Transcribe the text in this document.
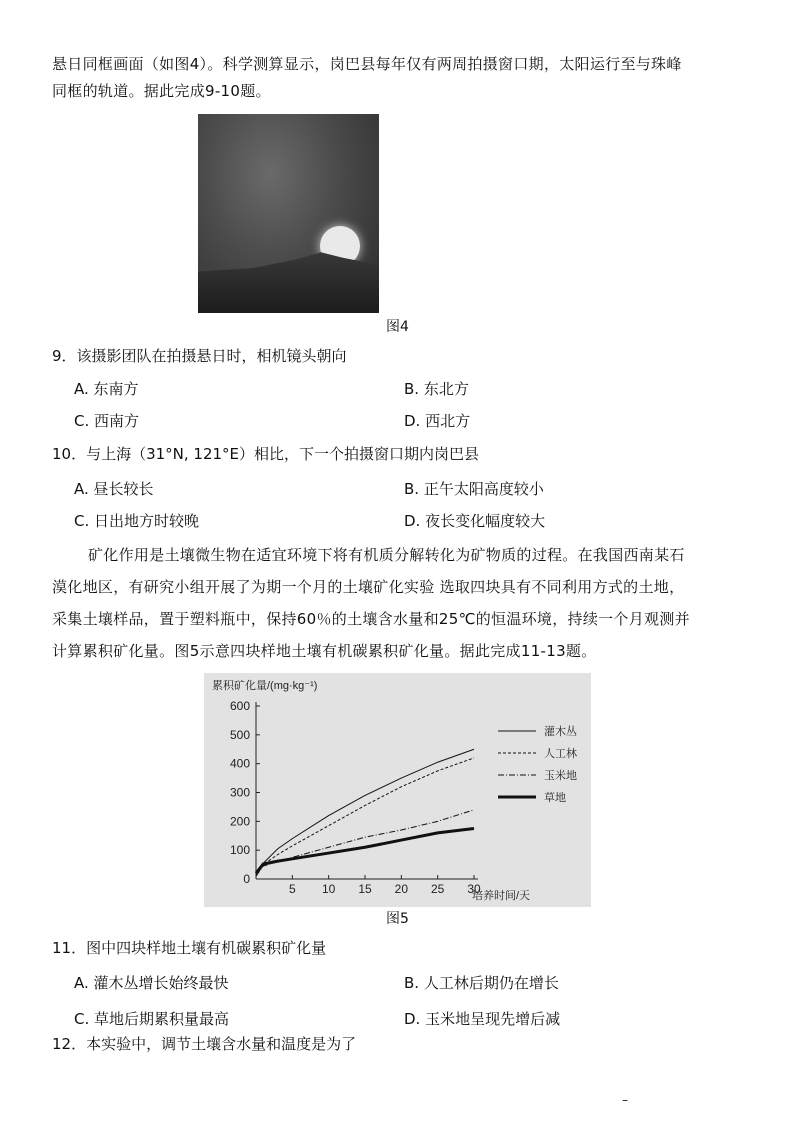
悬日同框画面（如图4）。科学测算显示，岗巴县每年仅有两周拍摄窗口期，太阳运行至与珠峰
同框的轨道。据此完成9-10题。
图4
9．该摄影团队在拍摄悬日时，相机镜头朝向
A. 东南方	B. 东北方
C. 西南方	D. 西北方
10．与上海（31°N, 121°E）相比，下一个拍摄窗口期内岗巴县
A. 昼长较长	B. 正午太阳高度较小
C. 日出地方时较晚	D. 夜长变化幅度较大
矿化作用是土壤微生物在适宜环境下将有机质分解转化为矿物质的过程。在我国西南某石
漠化地区，有研究小组开展了为期一个月的土壤矿化实验 选取四块具有不同利用方式的土地，
采集土壤样品，置于塑料瓶中，保持60％的土壤含水量和25℃的恒温环境，持续一个月观测并
计算累积矿化量。图5示意四块样地土壤有机碳累积矿化量。据此完成11-13题。
累积矿化量/(mg·kg⁻¹)
培养时间/天
0
100
200
300
400
500
600
5 10 15 20 25 30
灌木丛
人工林
玉米地
草地
图5
11．图中四块样地土壤有机碳累积矿化量
A. 灌木丛增长始终最快	B. 人工林后期仍在增长
C. 草地后期累积量最高	D. 玉米地呈现先增后减
12．本实验中，调节土壤含水量和温度是为了
–
